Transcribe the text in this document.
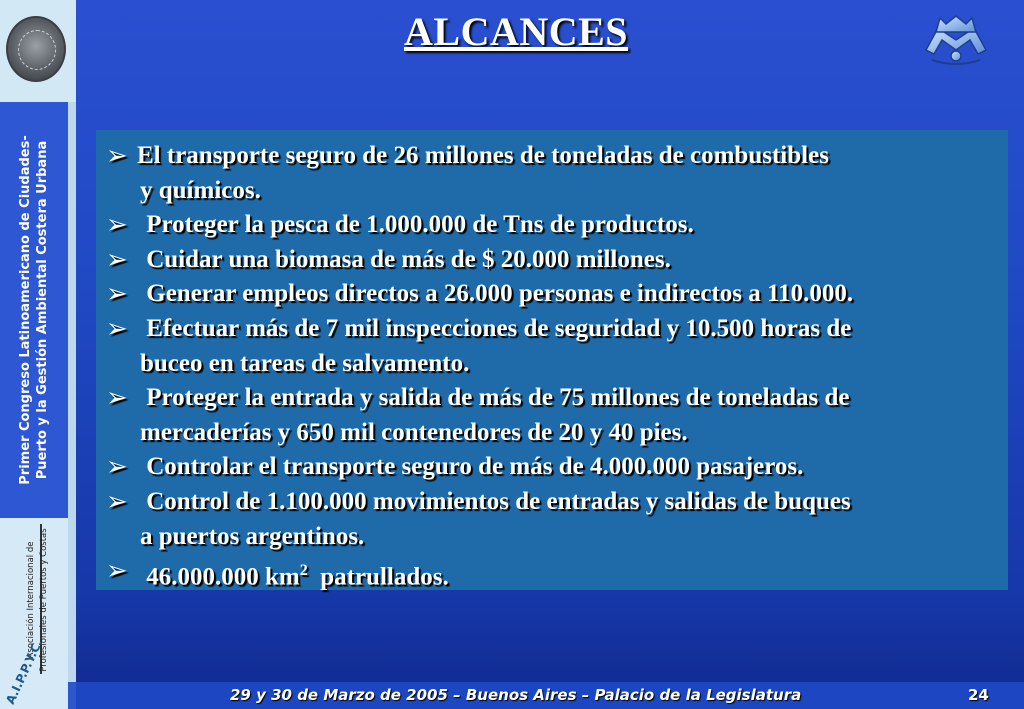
Primer Congreso Latinoamericano de Ciudades-Puerto y la Gestión Ambiental Costera Urbana
Asociación Internacional de Profesionales de Puertos y Costas
A.I.P.P.Y.C.
ALCANCES
➢ El transporte seguro de 26 millones de toneladas de combustibles
y químicos.
➢ Proteger la pesca de 1.000.000 de Tns de productos.
➢ Cuidar una biomasa de más de $ 20.000 millones.
➢ Generar empleos directos a 26.000 personas e indirectos a 110.000.
➢ Efectuar más de 7 mil inspecciones de seguridad y 10.500 horas de
buceo en tareas de salvamento.
➢ Proteger la entrada y salida de más de 75 millones de toneladas de
mercaderías y 650 mil contenedores de 20 y 40 pies.
➢ Controlar el transporte seguro de más de 4.000.000 pasajeros.
➢ Control de 1.100.000 movimientos de entradas y salidas de buques
a puertos argentinos.
➢ 46.000.000 $km^2$  patrullados.
29 y 30 de Marzo de 2005 – Buenos Aires – Palacio de la Legislatura	24
